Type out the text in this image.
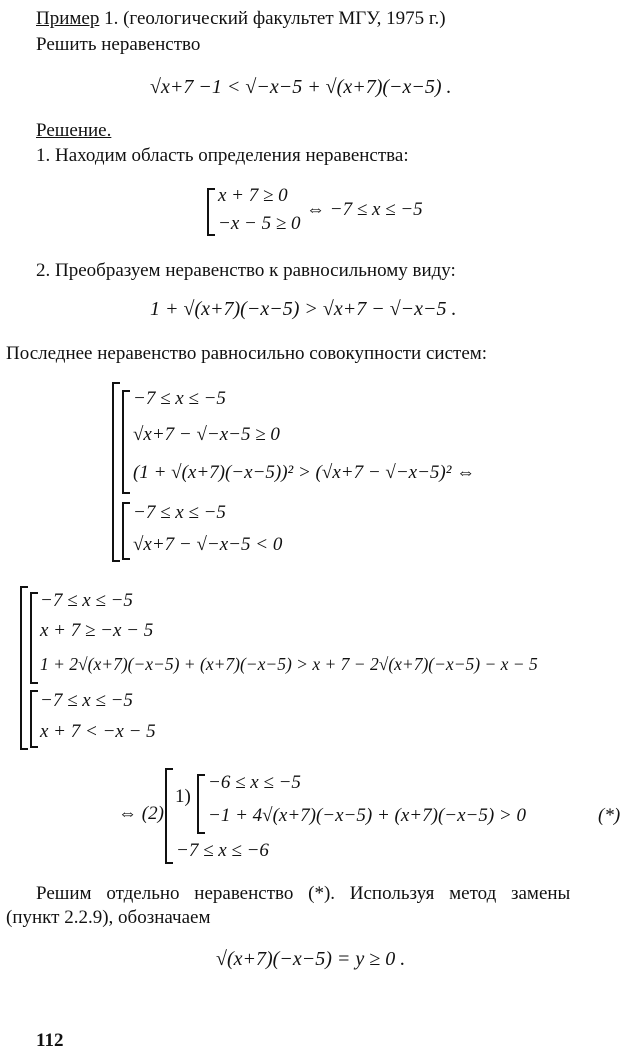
Пример 1. (геологический факультет МГУ, 1975 г.)
Решить неравенство
√x+7 −1 < √−x−5 + √(x+7)(−x−5) .
Решение.
1. Находим область определения неравенства:
x + 7 ≥ 0
−x − 5 ≥ 0
⇔ −7 ≤ x ≤ −5
2. Преобразуем неравенство к равносильному виду:
1 + √(x+7)(−x−5) > √x+7 − √−x−5 .
Последнее неравенство равносильно совокупности систем:
−7 ≤ x ≤ −5
√x+7 − √−x−5 ≥ 0
(1 + √(x+7)(−x−5))² > (√x+7 − √−x−5)² ⇔
−7 ≤ x ≤ −5
√x+7 − √−x−5 < 0
−7 ≤ x ≤ −5
x + 7 ≥ −x − 5
1 + 2√(x+7)(−x−5) + (x+7)(−x−5) > x + 7 − 2√(x+7)(−x−5) − x − 5
−7 ≤ x ≤ −5
x + 7 < −x − 5
⇔ (2)
1)
−6 ≤ x ≤ −5
−1 + 4√(x+7)(−x−5) + (x+7)(−x−5) > 0	(*)
−7 ≤ x ≤ −6
Решим отдельно неравенство (*). Используя метод замены
(пункт 2.2.9), обозначаем
√(x+7)(−x−5) = y ≥ 0 .
112
